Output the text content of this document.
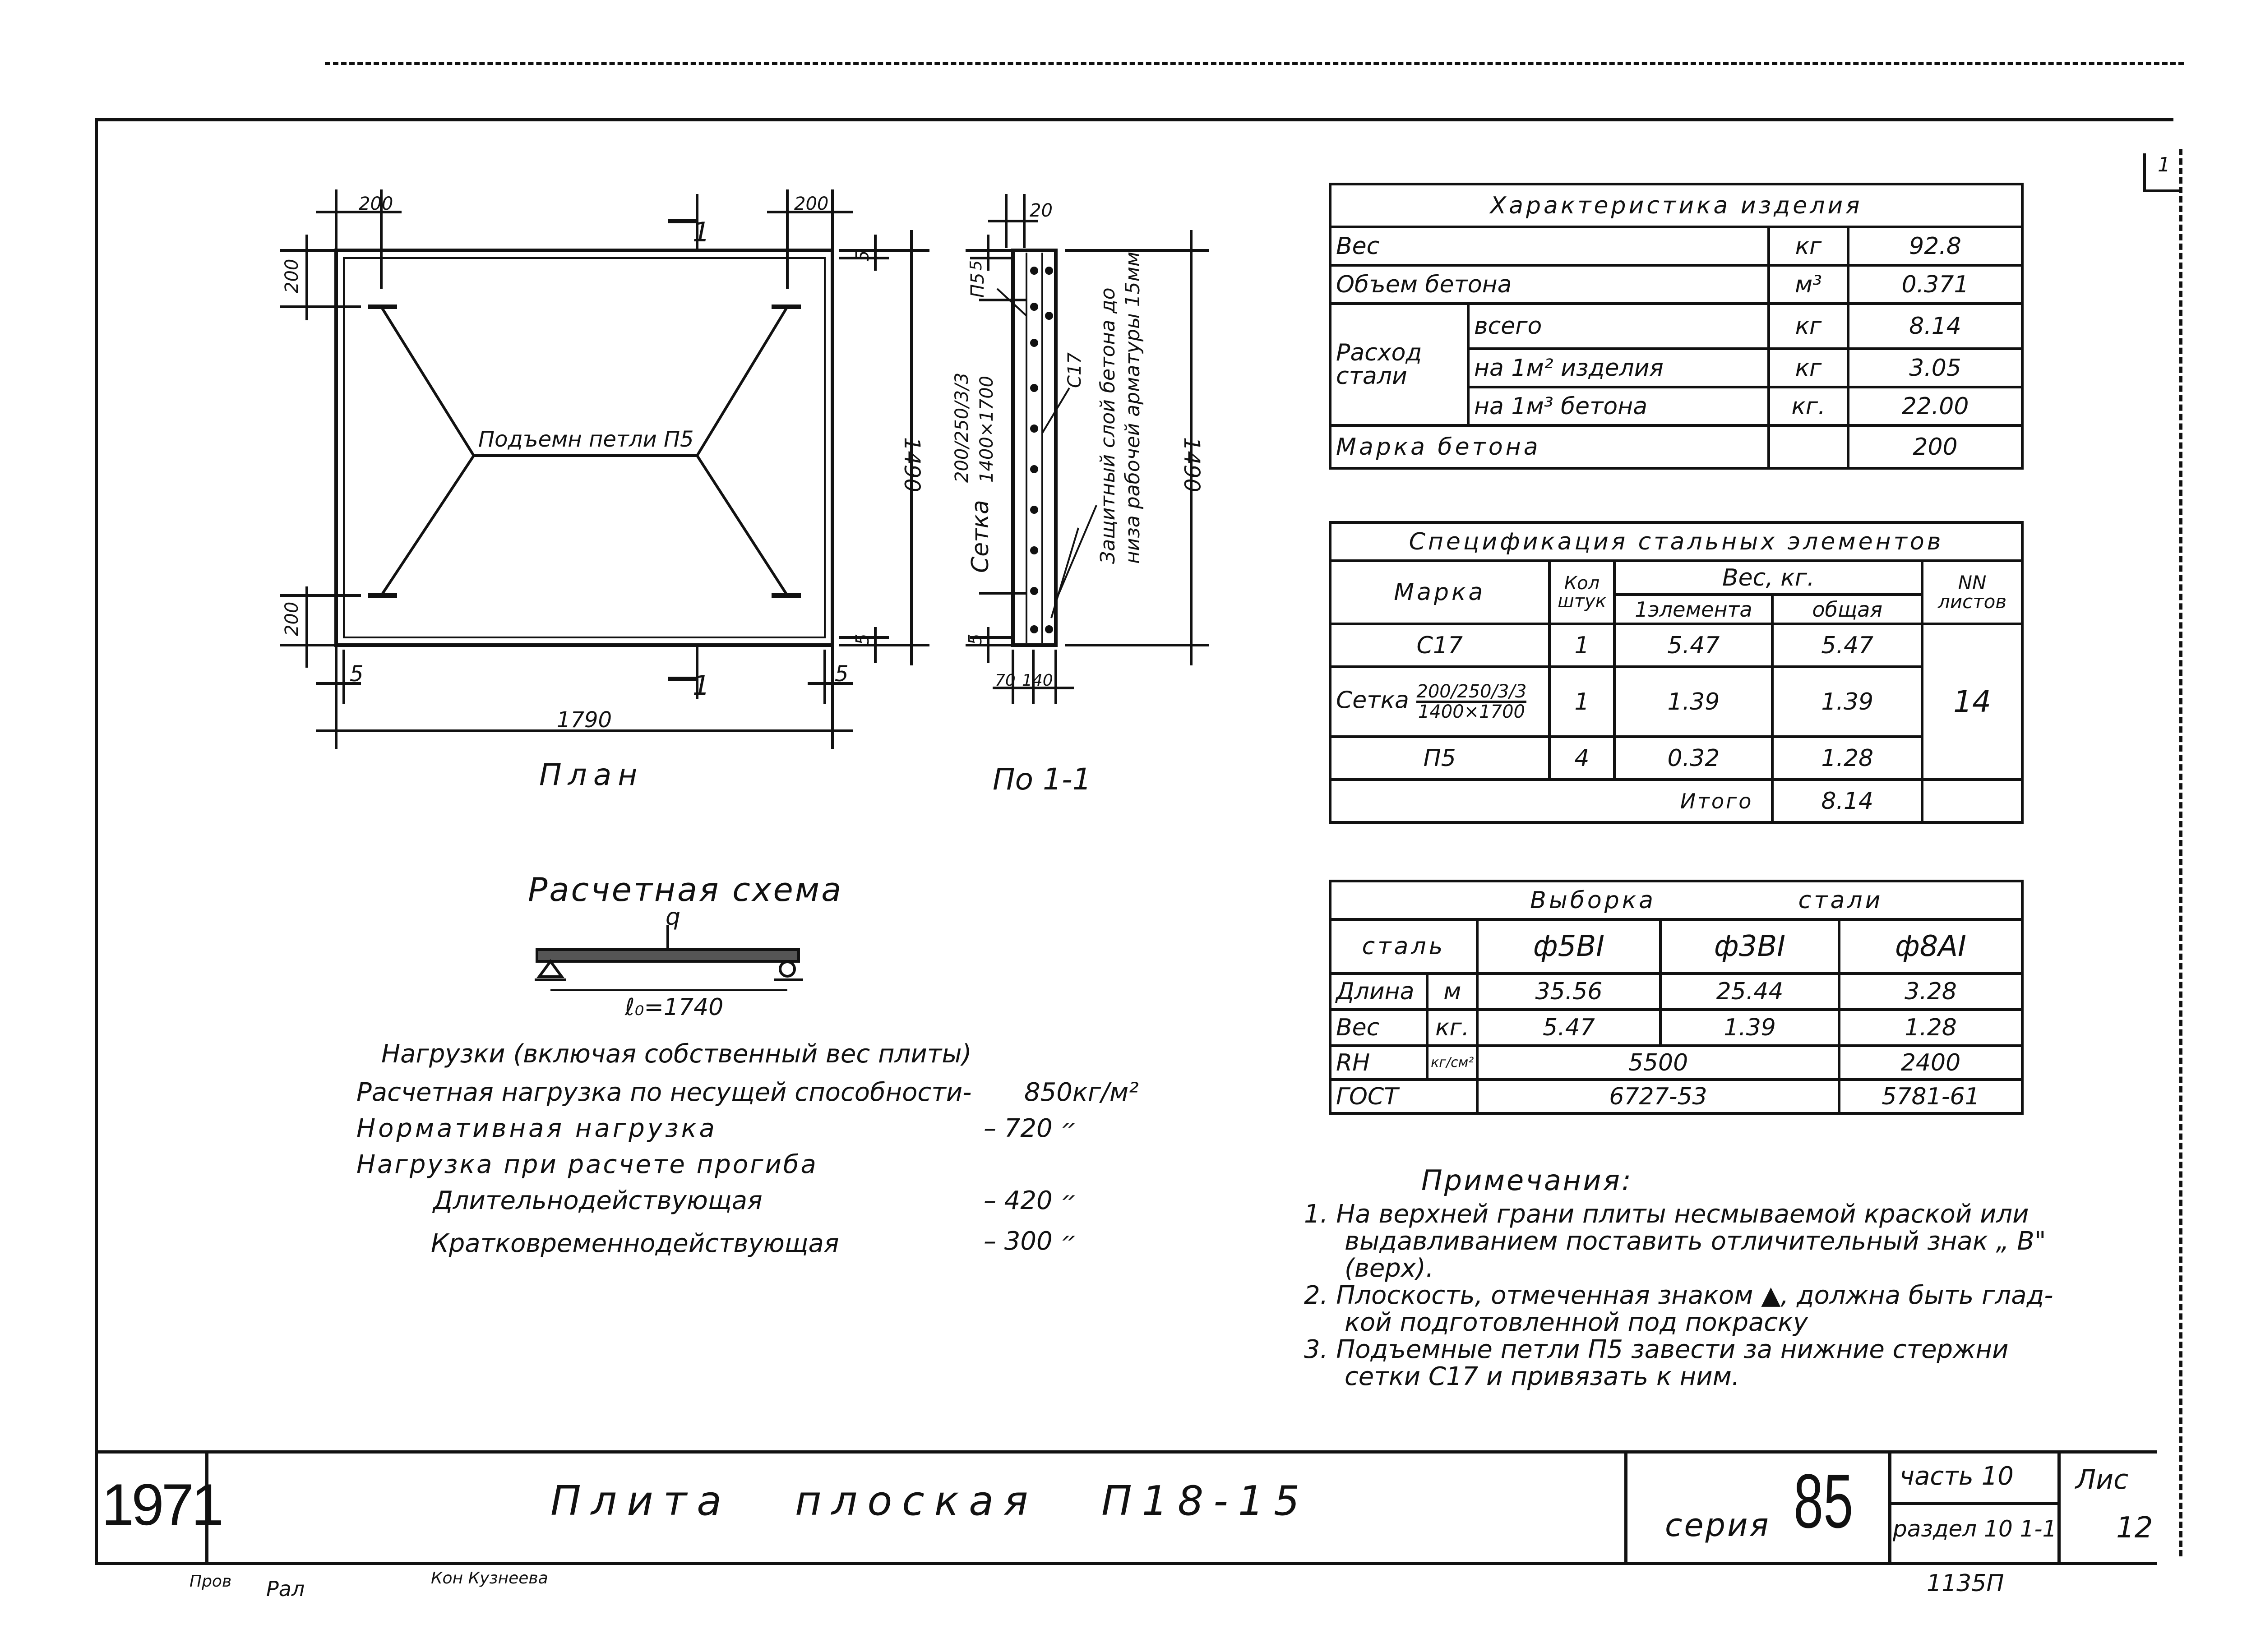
1
200	200
200
200
5	5
1790
1490
5
5
1
1
Подъемн петли П5
План
20
5
5
70 140
1490
П5
С17
Сетка
200/250/3/3 1400×1700	Защитный слой бетона до низа рабочей арматуры 15мм
По 1-1
q
ℓ₀=1740
Расчетная схема
Нагрузки (включая собственный вес плиты)
Расчетная нагрузка по несущей способности- 850кг/м²
Нормативная нагрузка	– 720 ״
Нагрузка при расчете прогиба
Длительнодействующая	– 420 ״
Кратковременнодействующая	– 300 ״
Характеристика изделия			
Вес		кг	92.8
Объем бетона		м³	0.371
Расход стали	всего	кг	8.14
	на 1м² изделия	кг	3.05
	на 1м³ бетона	кг.	22.00
Марка бетона			200
Спецификация стальных элементов				
Марка	Кол штук	Вес, кг.		NN листов
		1элемента	общая	
С17	1	5.47	5.47	14
Сетка $\frac{200/250/3/3}{1400\times 1700}$	1	1.39	1.39	
П5	4	0.32	1.28	
Итого			8.14	
Выборка			стали	
сталь		ф5ВI	ф3ВI	ф8АI
Длина	м	35.56	25.44	3.28
Вес	кг.	5.47	1.39	1.28
RН	кг/см²	5500		2400
ГОСТ		6727-53		5781-61
Примечания:
1. На верхней грани плиты несмываемой краской или
выдавливанием поставить отличительный знак „ В"
(верх).
2. Плоскость, отмеченная знаком ▲, должна быть глад-
кой подготовленной под покраску
3. Подъемные петли П5 завести за нижние стержни
сетки С17 и привязать к ним.
1971	Плита плоская П18-15
серия 85 часть 10
раздел 10 1-1
Лис
12
Пров Рал	Кон Кузнеева	1135П
